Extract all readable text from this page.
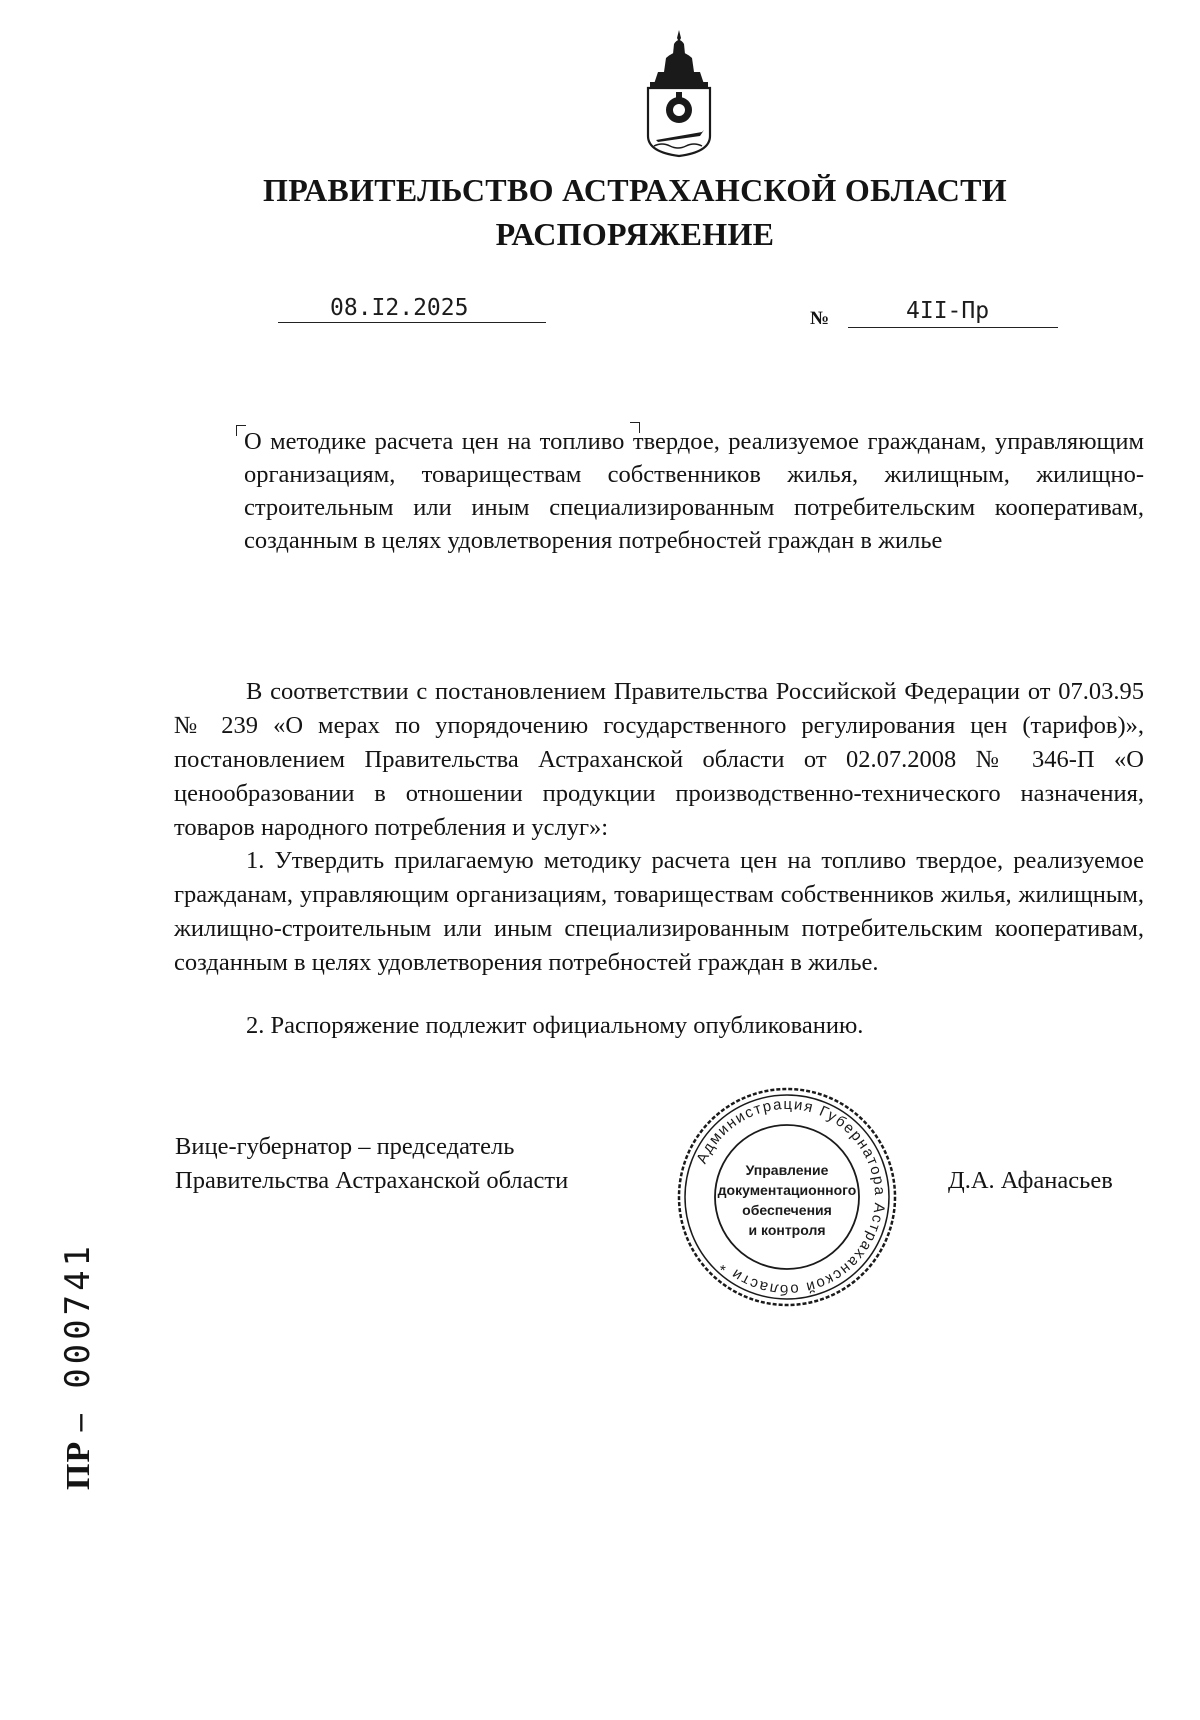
ПРАВИТЕЛЬСТВО АСТРАХАНСКОЙ ОБЛАСТИ
РАСПОРЯЖЕНИЕ
08.I2.2025	№	4II-Пр
О методике расчета цен на топливо твердое, реализуемое гражданам, управляющим организациям, товариществам собственников жилья, жилищным, жилищно-строительным или иным специализированным потребительским кооперативам, созданным в целях удовлетворения потребностей граждан в жилье
В соответствии с постановлением Правительства Российской Федерации от 07.03.95 № 239 «О мерах по упорядочению государственного регулирования цен (тарифов)», постановлением Правительства Астраханской области от 02.07.2008 № 346-П «О ценообразовании в отношении продукции производственно-технического назначения, товаров народного потребления и услуг»:
1. Утвердить прилагаемую методику расчета цен на топливо твердое, реализуемое гражданам, управляющим организациям, товариществам собственников жилья, жилищным, жилищно-строительным или иным специализированным потребительским кооперативам, созданным в целях удовлетворения потребностей граждан в жилье.
2. Распоряжение подлежит официальному опубликованию.
Вице-губернатор – председатель
Правительства Астраханской области	Д.А. Афанасьев
Администрация Губернатора Астраханской области *
Управление
документационного
обеспечения
и контроля
ПР – 000741
